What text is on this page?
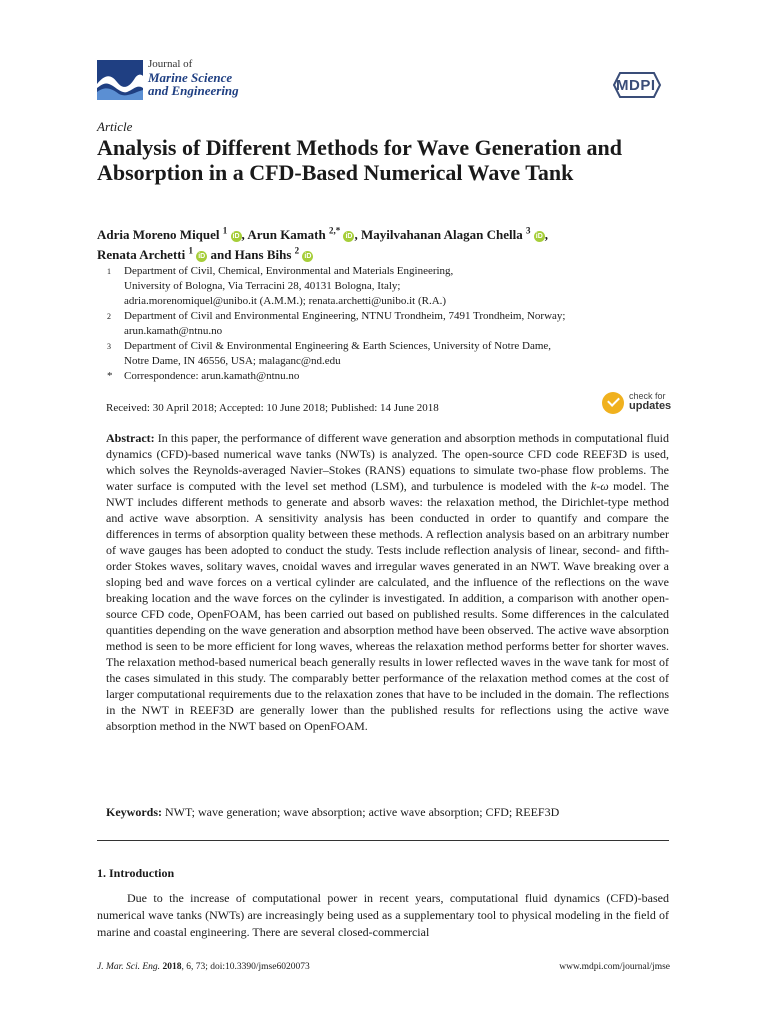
Journal of
Marine Science
and Engineering	MDPI
Article
Analysis of Different Methods for Wave Generation and Absorption in a CFD-Based Numerical Wave Tank
Adria Moreno Miquel $^1$ iD , Arun Kamath $^{2,*}$ iD , Mayilvahanan Alagan Chella $^3$ iD ,
Renata Archetti $^1$ iD and Hans Bihs $^2$ iD
1 Department of Civil, Chemical, Environmental and Materials Engineering,
University of Bologna, Via Terracini 28, 40131 Bologna, Italy;
adria.morenomiquel@unibo.it (A.M.M.); renata.archetti@unibo.it (R.A.)
2 Department of Civil and Environmental Engineering, NTNU Trondheim, 7491 Trondheim, Norway;
arun.kamath@ntnu.no
3 Department of Civil & Environmental Engineering & Earth Sciences, University of Notre Dame,
Notre Dame, IN 46556, USA; malaganc@nd.edu
* Correspondence: arun.kamath@ntnu.no
Received: 30 April 2018; Accepted: 10 June 2018; Published: 14 June 2018
check for
updates
Abstract: In this paper, the performance of different wave generation and absorption methods in computational fluid dynamics (CFD)-based numerical wave tanks (NWTs) is analyzed. The open-source CFD code REEF3D is used, which solves the Reynolds-averaged Navier–Stokes (RANS) equations to simulate two-phase flow problems. The water surface is computed with the level set method (LSM), and turbulence is modeled with the k-ω model. The NWT includes different methods to generate and absorb waves: the relaxation method, the Dirichlet-type method and active wave absorption. A sensitivity analysis has been conducted in order to quantify and compare the differences in terms of absorption quality between these methods. A reflection analysis based on an arbitrary number of wave gauges has been adopted to conduct the study. Tests include reflection analysis of linear, second- and fifth-order Stokes waves, solitary waves, cnoidal waves and irregular waves generated in an NWT. Wave breaking over a sloping bed and wave forces on a vertical cylinder are calculated, and the influence of the reflections on the wave breaking location and the wave forces on the cylinder is investigated. In addition, a comparison with another open-source CFD code, OpenFOAM, has been carried out based on published results. Some differences in the calculated quantities depending on the wave generation and absorption method have been observed. The active wave absorption method is seen to be more efficient for long waves, whereas the relaxation method performs better for shorter waves. The relaxation method-based numerical beach generally results in lower reflected waves in the wave tank for most of the cases simulated in this study. The comparably better performance of the relaxation method comes at the cost of larger computational requirements due to the relaxation zones that have to be included in the domain. The reflections in the NWT in REEF3D are generally lower than the published results for reflections using the active wave absorption method in the NWT based on OpenFOAM.
Keywords: NWT; wave generation; wave absorption; active wave absorption; CFD; REEF3D
1. Introduction
Due to the increase of computational power in recent years, computational fluid dynamics (CFD)-based numerical wave tanks (NWTs) are increasingly being used as a supplementary tool to physical modeling in the field of marine and coastal engineering. There are several closed-commercial
J. Mar. Sci. Eng. 2018, 6, 73; doi:10.3390/jmse6020073	www.mdpi.com/journal/jmse
